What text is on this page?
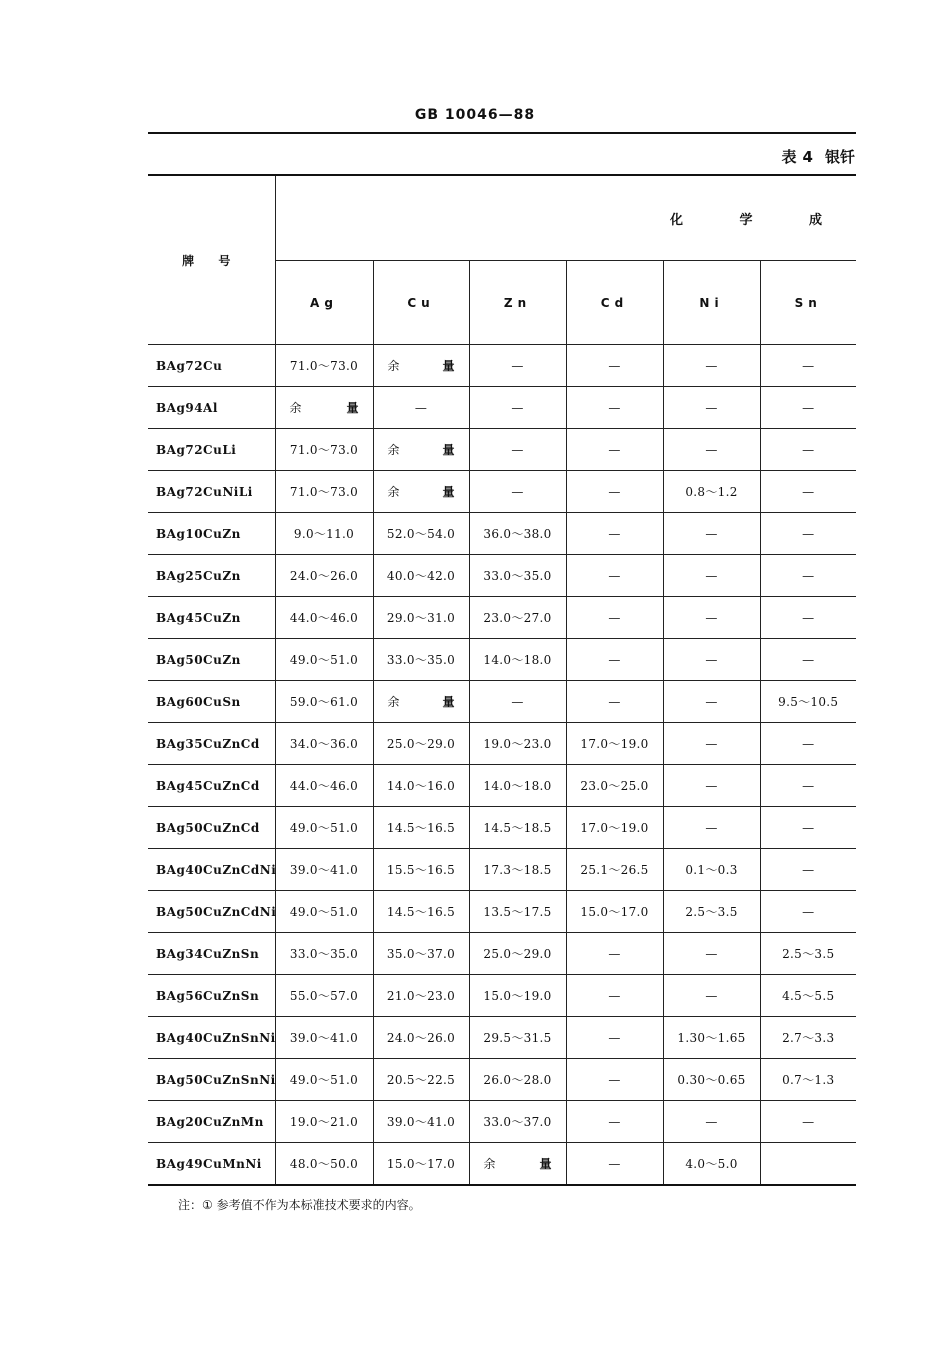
GB 10046—88
表 4 银钎
牌 号	化 学 成					
	Ag	Cu	Zn	Cd	Ni	Sn
BAg72Cu	71.0～73.0	余 量	—	—	—	—
BAg94Al	余 量	—	—	—	—	—
BAg72CuLi	71.0～73.0	余 量	—	—	—	—
BAg72CuNiLi	71.0～73.0	余 量	—	—	0.8～1.2	—
BAg10CuZn	9.0～11.0	52.0～54.0	36.0～38.0	—	—	—
BAg25CuZn	24.0～26.0	40.0～42.0	33.0～35.0	—	—	—
BAg45CuZn	44.0～46.0	29.0～31.0	23.0～27.0	—	—	—
BAg50CuZn	49.0～51.0	33.0～35.0	14.0～18.0	—	—	—
BAg60CuSn	59.0～61.0	余 量	—	—	—	9.5～10.5
BAg35CuZnCd	34.0～36.0	25.0～29.0	19.0～23.0	17.0～19.0	—	—
BAg45CuZnCd	44.0～46.0	14.0～16.0	14.0～18.0	23.0～25.0	—	—
BAg50CuZnCd	49.0～51.0	14.5～16.5	14.5～18.5	17.0～19.0	—	—
BAg40CuZnCdNi	39.0～41.0	15.5～16.5	17.3～18.5	25.1～26.5	0.1～0.3	—
BAg50CuZnCdNi	49.0～51.0	14.5～16.5	13.5～17.5	15.0～17.0	2.5～3.5	—
BAg34CuZnSn	33.0～35.0	35.0～37.0	25.0～29.0	—	—	2.5～3.5
BAg56CuZnSn	55.0～57.0	21.0～23.0	15.0～19.0	—	—	4.5～5.5
BAg40CuZnSnNi	39.0～41.0	24.0～26.0	29.5～31.5	—	1.30～1.65	2.7～3.3
BAg50CuZnSnNi	49.0～51.0	20.5～22.5	26.0～28.0	—	0.30～0.65	0.7～1.3
BAg20CuZnMn	19.0～21.0	39.0～41.0	33.0～37.0	—	—	—
BAg49CuMnNi	48.0～50.0	15.0～17.0	余 量	—	4.0～5.0	
注：① 参考值不作为本标准技术要求的内容。
